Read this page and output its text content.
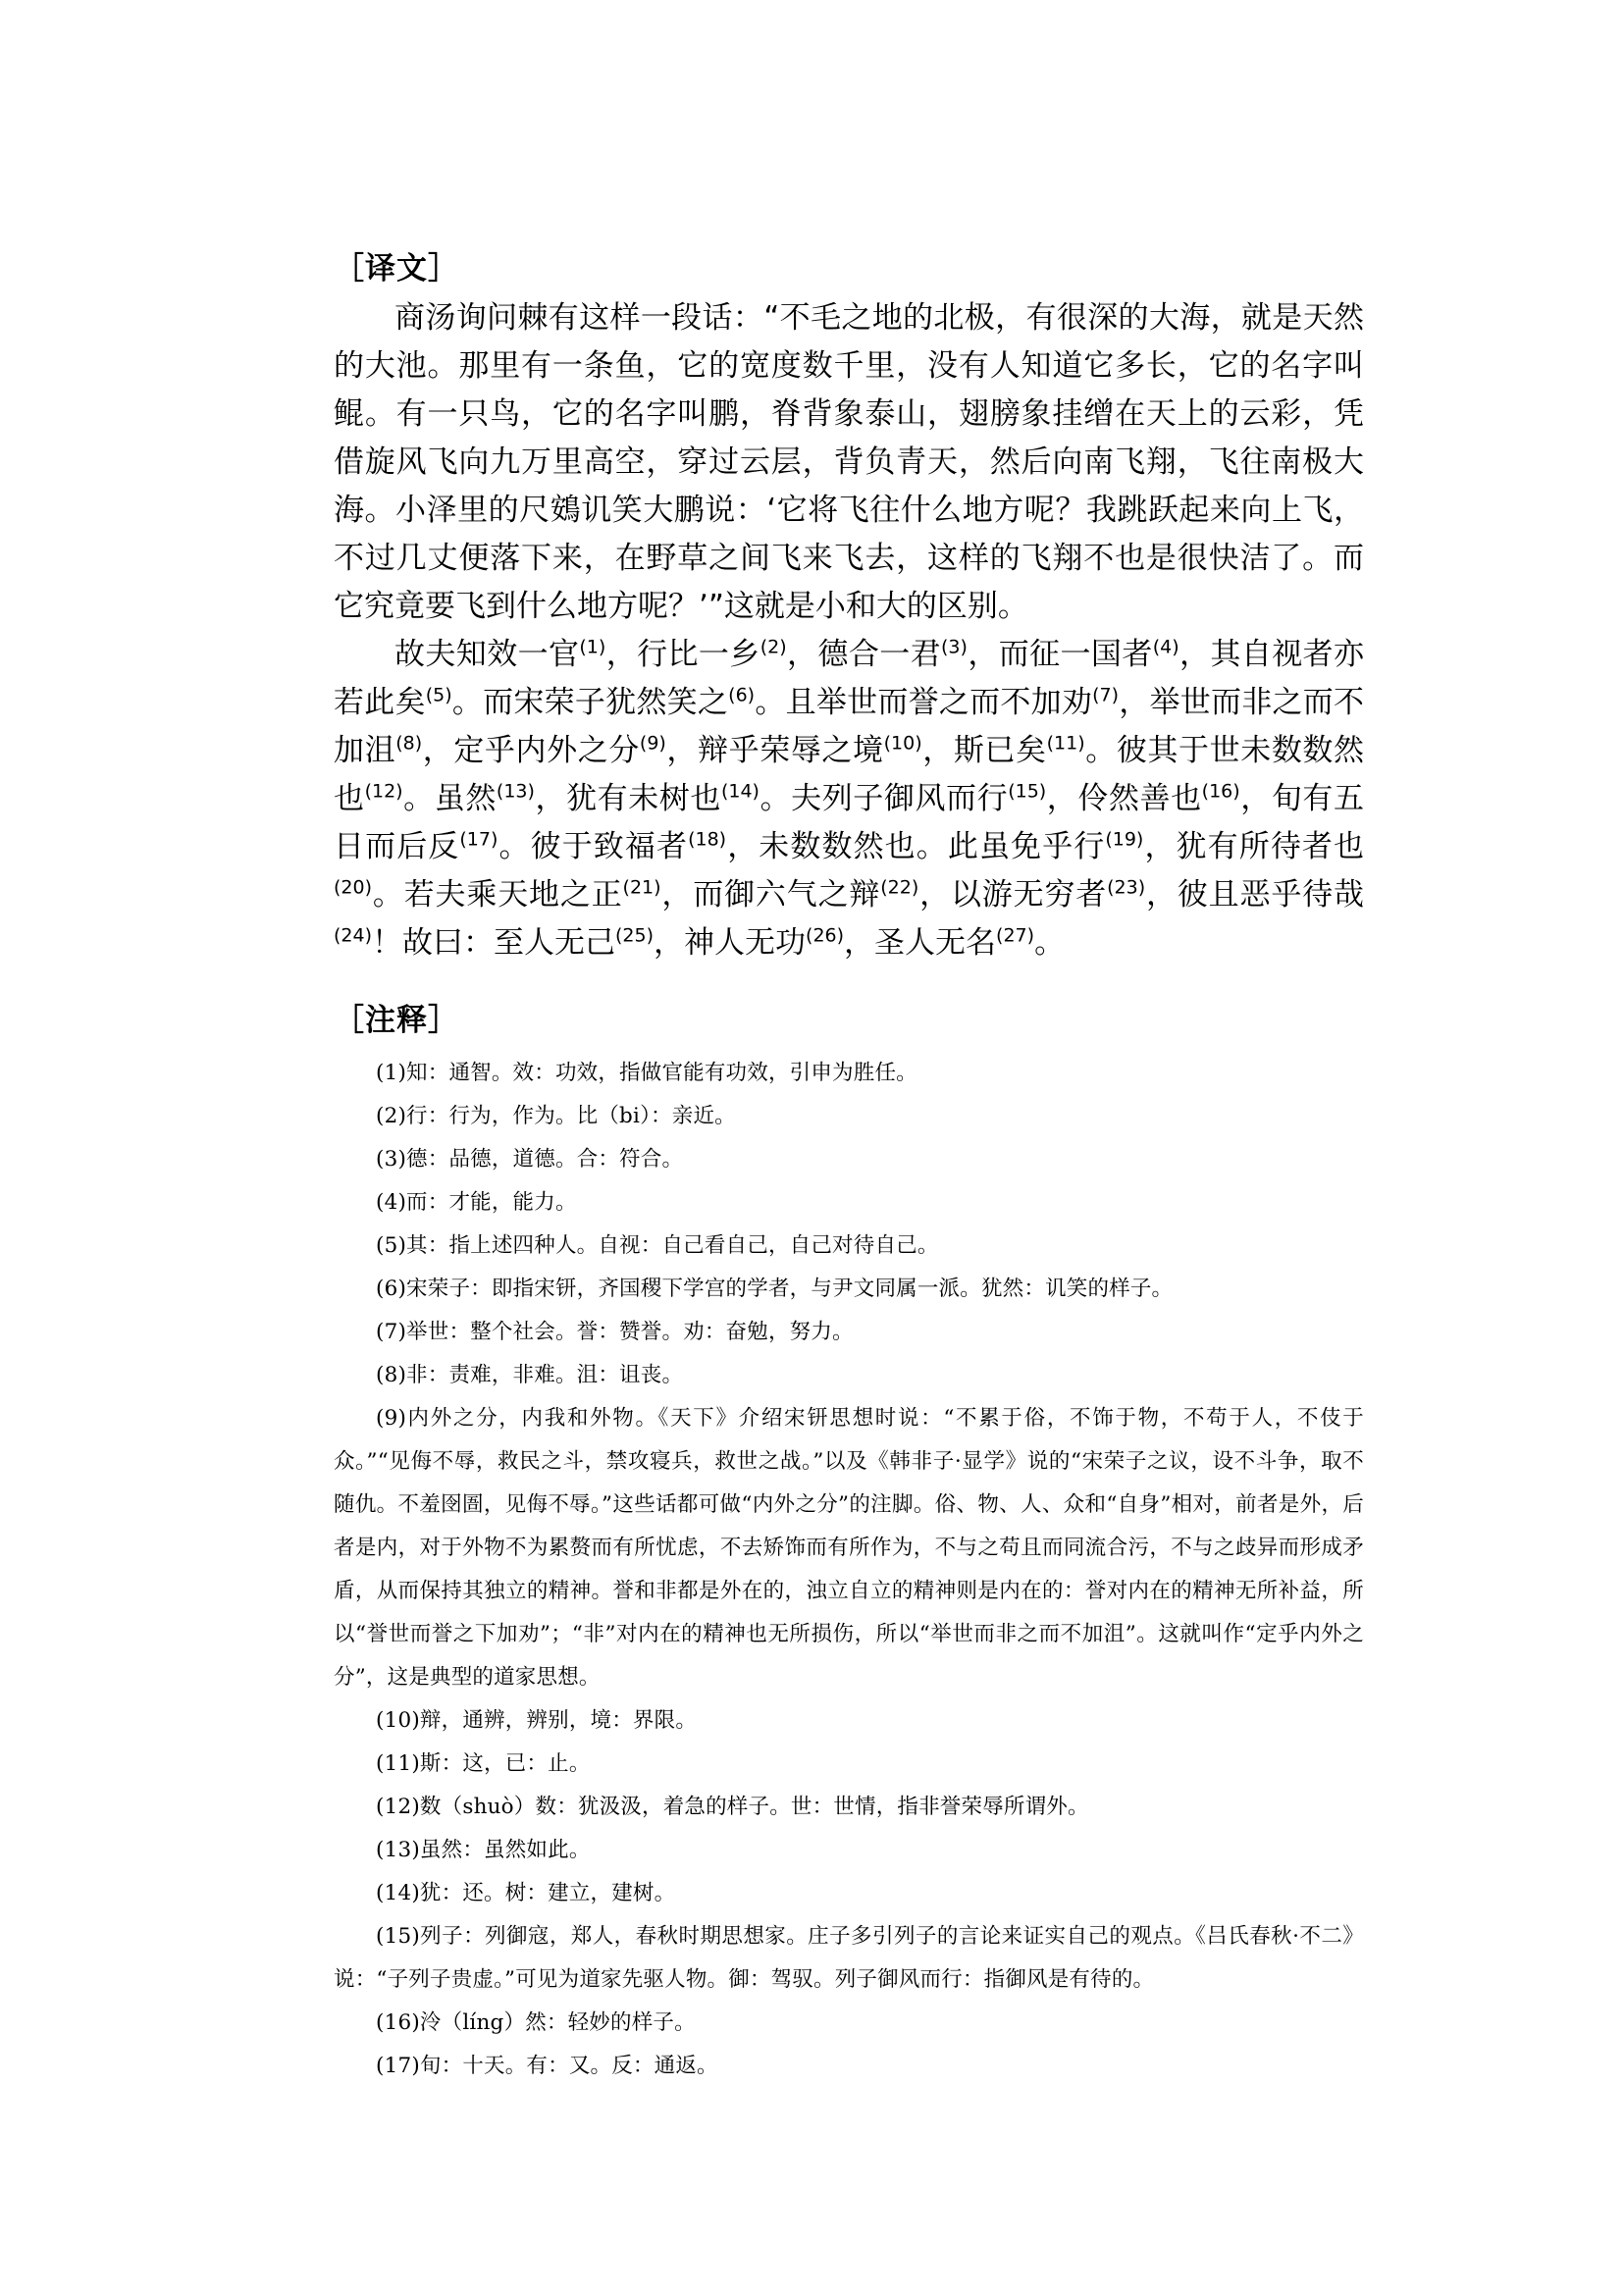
［译文］

商汤询问棘有这样一段话：“不毛之地的北极，有很深的大海，就是天然的大池。那里有一条鱼，它的宽度数千里，没有人知道它多长，它的名字叫鲲。有一只鸟，它的名字叫鹏，脊背象泰山，翅膀象挂缯在天上的云彩，凭借旋风飞向九万里高空，穿过云层，背负青天，然后向南飞翔，飞往南极大海。小泽里的尺鴳讥笑大鹏说：‘它将飞往什么地方呢？我跳跃起来向上飞，不过几丈便落下来，在野草之间飞来飞去，这样的飞翔不也是很快洁了。而它究竟要飞到什么地方呢？’”这就是小和大的区别。

故夫知效一官$^{(1)}$，行比一乡$^{(2)}$，德合一君$^{(3)}$，而征一国者$^{(4)}$，其自视者亦若此矣$^{(5)}$。而宋荣子犹然笑之$^{(6)}$。且举世而誉之而不加劝$^{(7)}$，举世而非之而不加沮$^{(8)}$，定乎内外之分$^{(9)}$，辩乎荣辱之境$^{(10)}$，斯已矣$^{(11)}$。彼其于世未数数然也$^{(12)}$。虽然$^{(13)}$，犹有未树也$^{(14)}$。夫列子御风而行$^{(15)}$，伶然善也$^{(16)}$，旬有五日而后反$^{(17)}$。彼于致福者$^{(18)}$，未数数然也。此虽免乎行$^{(19)}$，犹有所待者也$^{(20)}$。若夫乘天地之正$^{(21)}$，而御六气之辩$^{(22)}$，以游无穷者$^{(23)}$，彼且恶乎待哉$^{(24)}$！故曰：至人无己$^{(25)}$，神人无功$^{(26)}$，圣人无名$^{(27)}$。

［注释］

(1)知：通智。效：功效，指做官能有功效，引申为胜任。

(2)行：行为，作为。比（bi）：亲近。

(3)德：品德，道德。合：符合。

(4)而：才能，能力。

(5)其：指上述四种人。自视：自己看自己，自己对待自己。

(6)宋荣子：即指宋钘，齐国稷下学宫的学者，与尹文同属一派。犹然：讥笑的样子。

(7)举世：整个社会。誉：赞誉。劝：奋勉，努力。

(8)非：责难，非难。沮：诅丧。

(9)内外之分，内我和外物。《天下》介绍宋钘思想时说：“不累于俗，不饰于物，不苟于人，不伎于众。”“见侮不辱，救民之斗，禁攻寝兵，救世之战。”以及《韩非子·显学》说的“宋荣子之议，设不斗争，取不随仇。不羞囹圄，见侮不辱。”这些话都可做“内外之分”的注脚。俗、物、人、众和“自身”相对，前者是外，后者是内，对于外物不为累赘而有所忧虑，不去矫饰而有所作为，不与之苟且而同流合污，不与之歧异而形成矛盾，从而保持其独立的精神。誉和非都是外在的，浊立自立的精神则是内在的：誉对内在的精神无所补益，所以“誉世而誉之下加劝”；“非”对内在的精神也无所损伤，所以“举世而非之而不加沮”。这就叫作“定乎内外之分”，这是典型的道家思想。

(10)辩，通辨，辨别，境：界限。

(11)斯：这，已：止。

(12)数（shuò）数：犹汲汲，着急的样子。世：世情，指非誉荣辱所谓外。

(13)虽然：虽然如此。

(14)犹：还。树：建立，建树。

(15)列子：列御寇，郑人，春秋时期思想家。庄子多引列子的言论来证实自己的观点。《吕氏春秋·不二》说：“子列子贵虚。”可见为道家先驱人物。御：驾驭。列子御风而行：指御风是有待的。

(16)泠（líng）然：轻妙的样子。

(17)旬：十天。有：又。反：通返。
